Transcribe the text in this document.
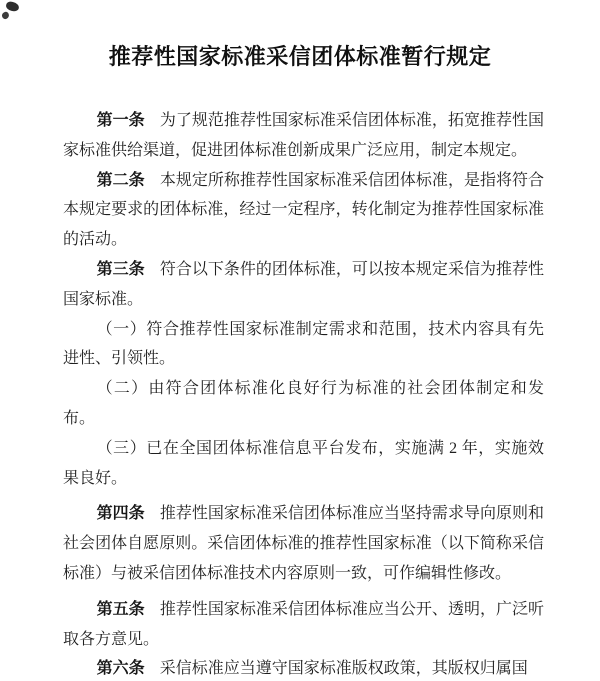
推荐性国家标准采信团体标准暂行规定

第一条 为了规范推荐性国家标准采信团体标准，拓宽推荐性国家标准供给渠道，促进团体标准创新成果广泛应用，制定本规定。

第二条 本规定所称推荐性国家标准采信团体标准，是指将符合本规定要求的团体标准，经过一定程序，转化制定为推荐性国家标准的活动。

第三条 符合以下条件的团体标准，可以按本规定采信为推荐性国家标准。

（一）符合推荐性国家标准制定需求和范围，技术内容具有先进性、引领性。

（二）由符合团体标准化良好行为标准的社会团体制定和发布。

（三）已在全国团体标准信息平台发布，实施满 2 年，实施效果良好。

第四条 推荐性国家标准采信团体标准应当坚持需求导向原则和社会团体自愿原则。采信团体标准的推荐性国家标准（以下简称采信标准）与被采信团体标准技术内容原则一致，可作编辑性修改。

第五条 推荐性国家标准采信团体标准应当公开、透明，广泛听取各方意见。

第六条 采信标准应当遵守国家标准版权政策，其版权归属国
